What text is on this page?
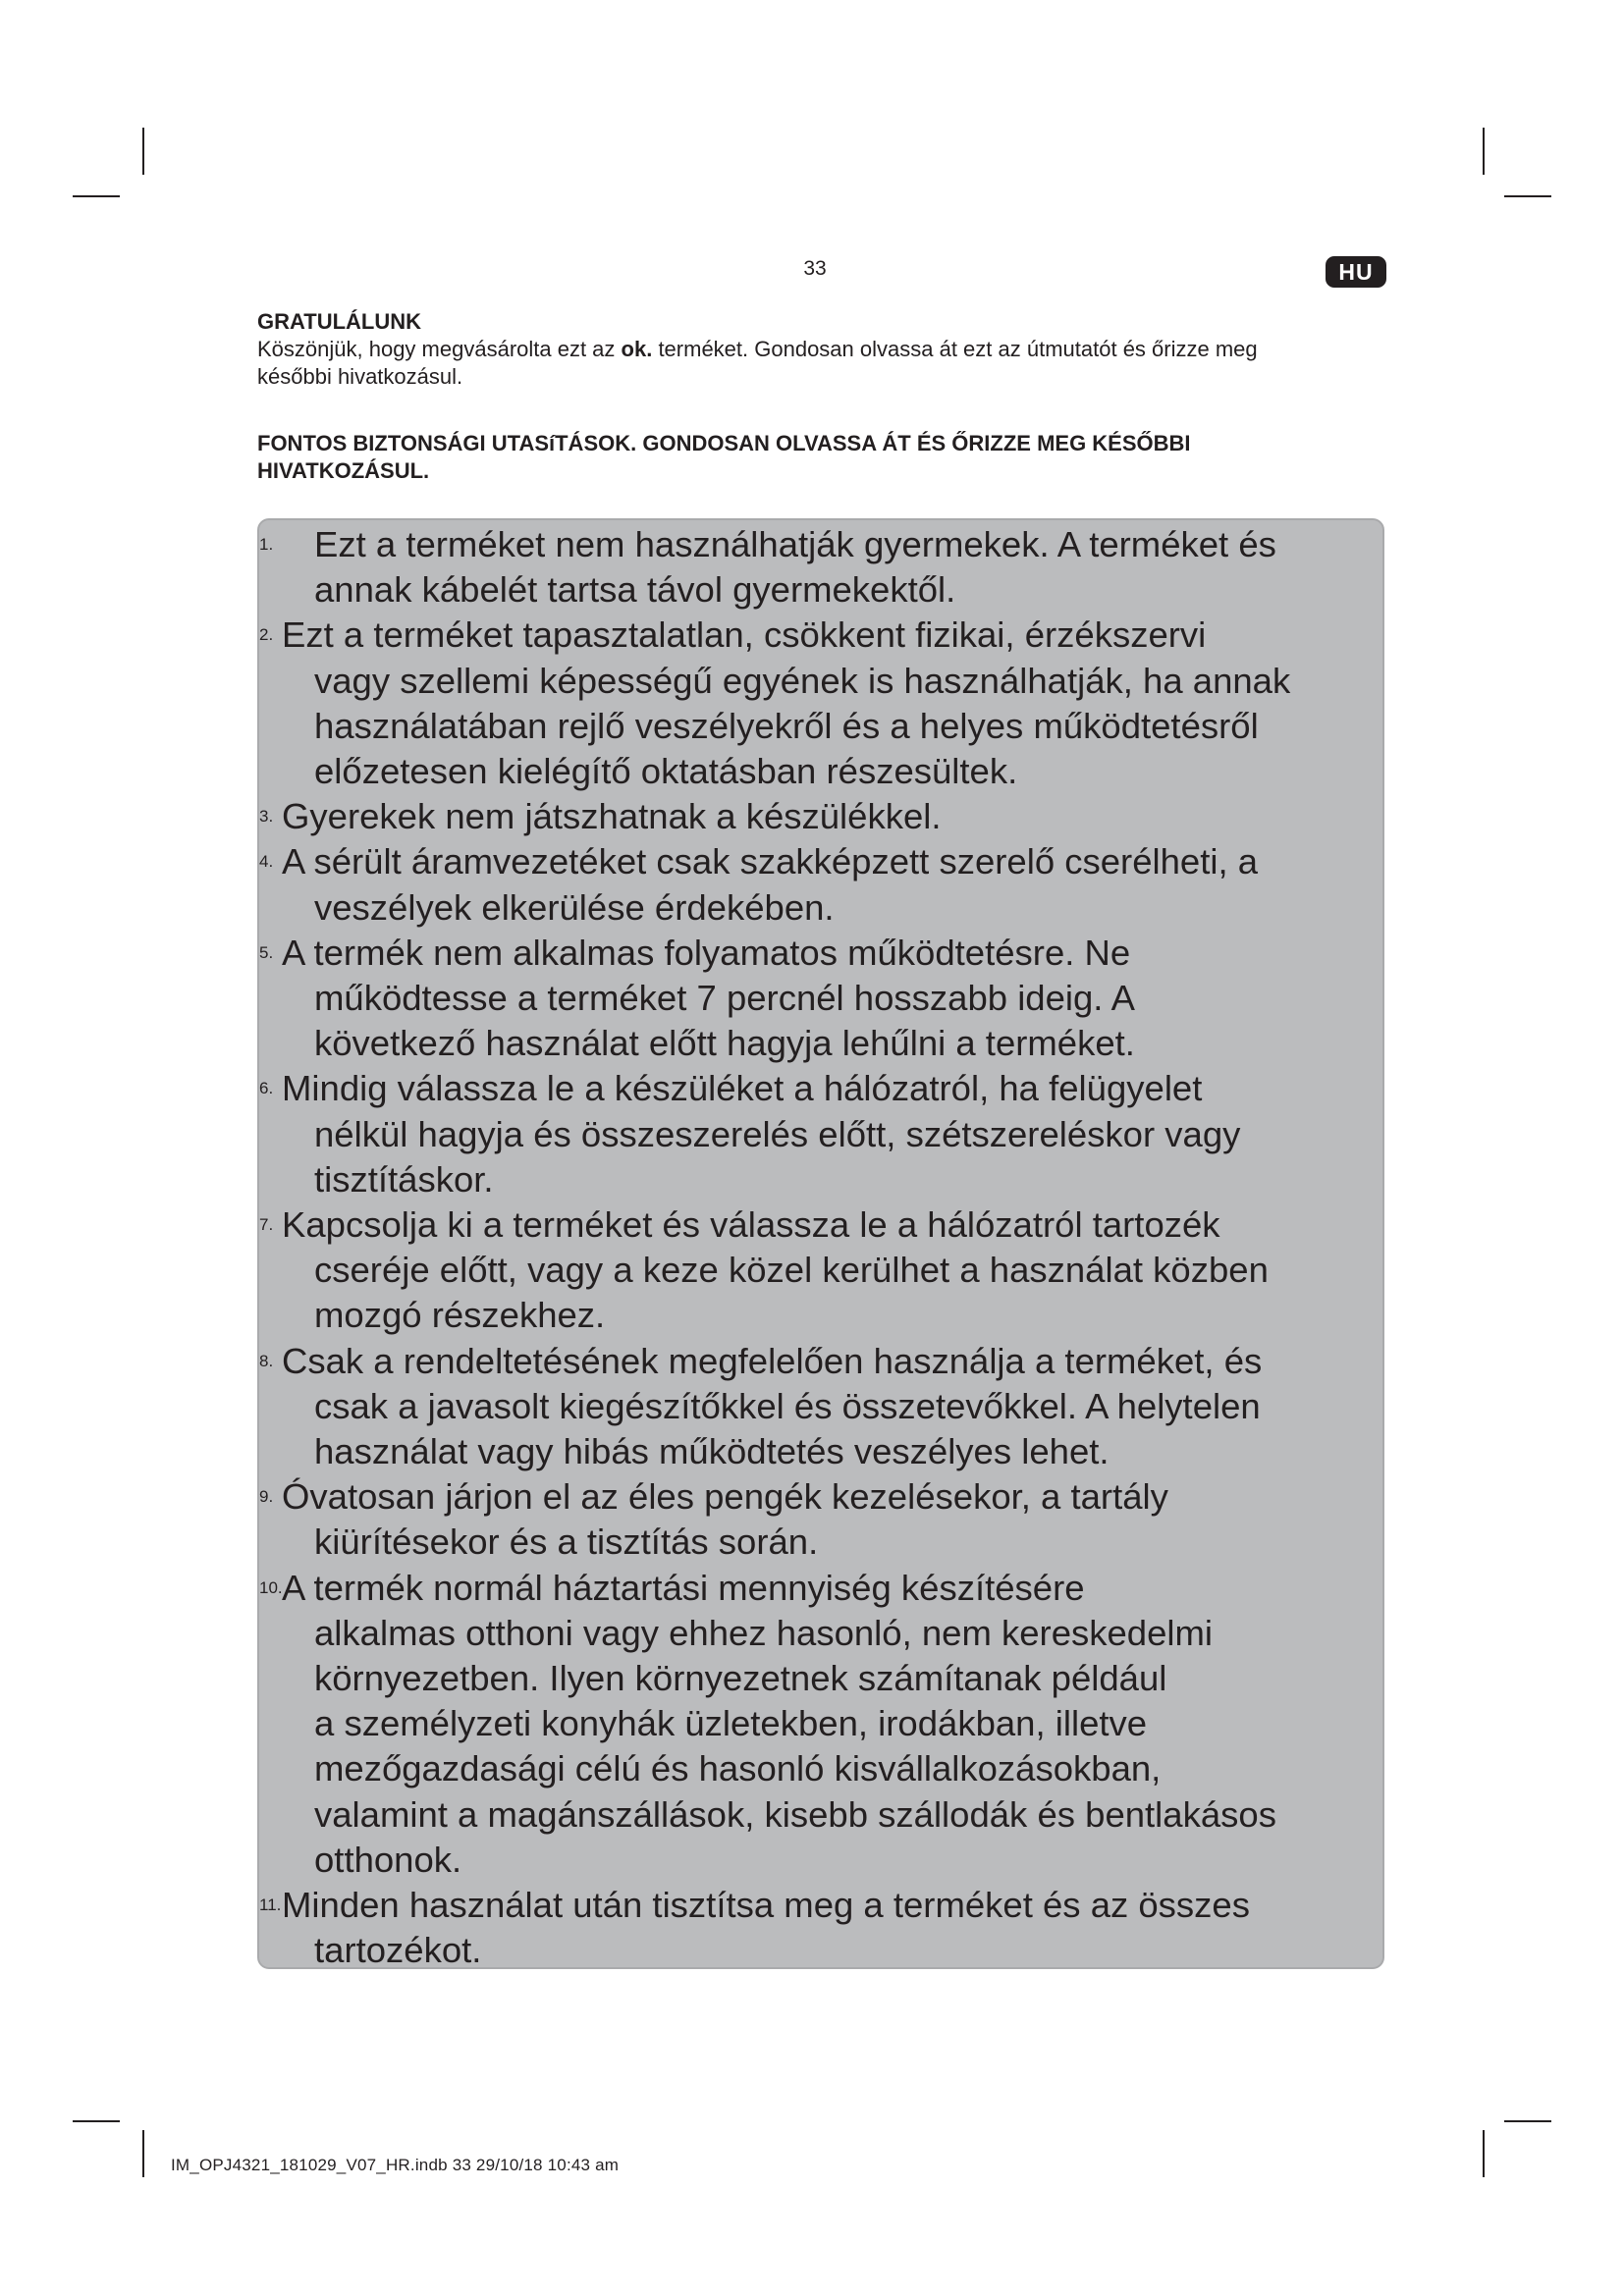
33	HU
GRATULÁLUNK
Köszönjük, hogy megvásárolta ezt az ok. terméket. Gondosan olvassa át ezt az útmutatót és őrizze meg
későbbi hivatkozásul.
FONTOS BIZTONSÁGI UTASíTÁSOK. GONDOSAN OLVASSA ÁT ÉS ŐRIZZE MEG KÉSŐBBI
HIVATKOZÁSUL.
1. Ezt a terméket nem használhatják gyermekek. A terméket és
annak kábelét tartsa távol gyermekektől.
2. Ezt a terméket tapasztalatlan, csökkent fizikai, érzékszervi
vagy szellemi képességű egyének is használhatják, ha annak
használatában rejlő veszélyekről és a helyes működtetésről
előzetesen kielégítő oktatásban részesültek.
3. Gyerekek nem játszhatnak a készülékkel.
4. A sérült áramvezetéket csak szakképzett szerelő cserélheti, a
veszélyek elkerülése érdekében.
5. A termék nem alkalmas folyamatos működtetésre. Ne
működtesse a terméket 7 percnél hosszabb ideig. A
következő használat előtt hagyja lehűlni a terméket.
6. Mindig válassza le a készüléket a hálózatról, ha felügyelet
nélkül hagyja és összeszerelés előtt, szétszereléskor vagy
tisztításkor.
7. Kapcsolja ki a terméket és válassza le a hálózatról tartozék
cseréje előtt, vagy a keze közel kerülhet a használat közben
mozgó részekhez.
8. Csak a rendeltetésének megfelelően használja a terméket, és
csak a javasolt kiegészítőkkel és összetevőkkel. A helytelen
használat vagy hibás működtetés veszélyes lehet.
9. Óvatosan járjon el az éles pengék kezelésekor, a tartály
kiürítésekor és a tisztítás során.
10. A termék normál háztartási mennyiség készítésére
alkalmas otthoni vagy ehhez hasonló, nem kereskedelmi
környezetben. Ilyen környezetnek számítanak például
a személyzeti konyhák üzletekben, irodákban, illetve
mezőgazdasági célú és hasonló kisvállalkozásokban,
valamint a magánszállások, kisebb szállodák és bentlakásos
otthonok.
11. Minden használat után tisztítsa meg a terméket és az összes
tartozékot.
IM_OPJ4321_181029_V07_HR.indb 33 29/10/18 10:43 am
